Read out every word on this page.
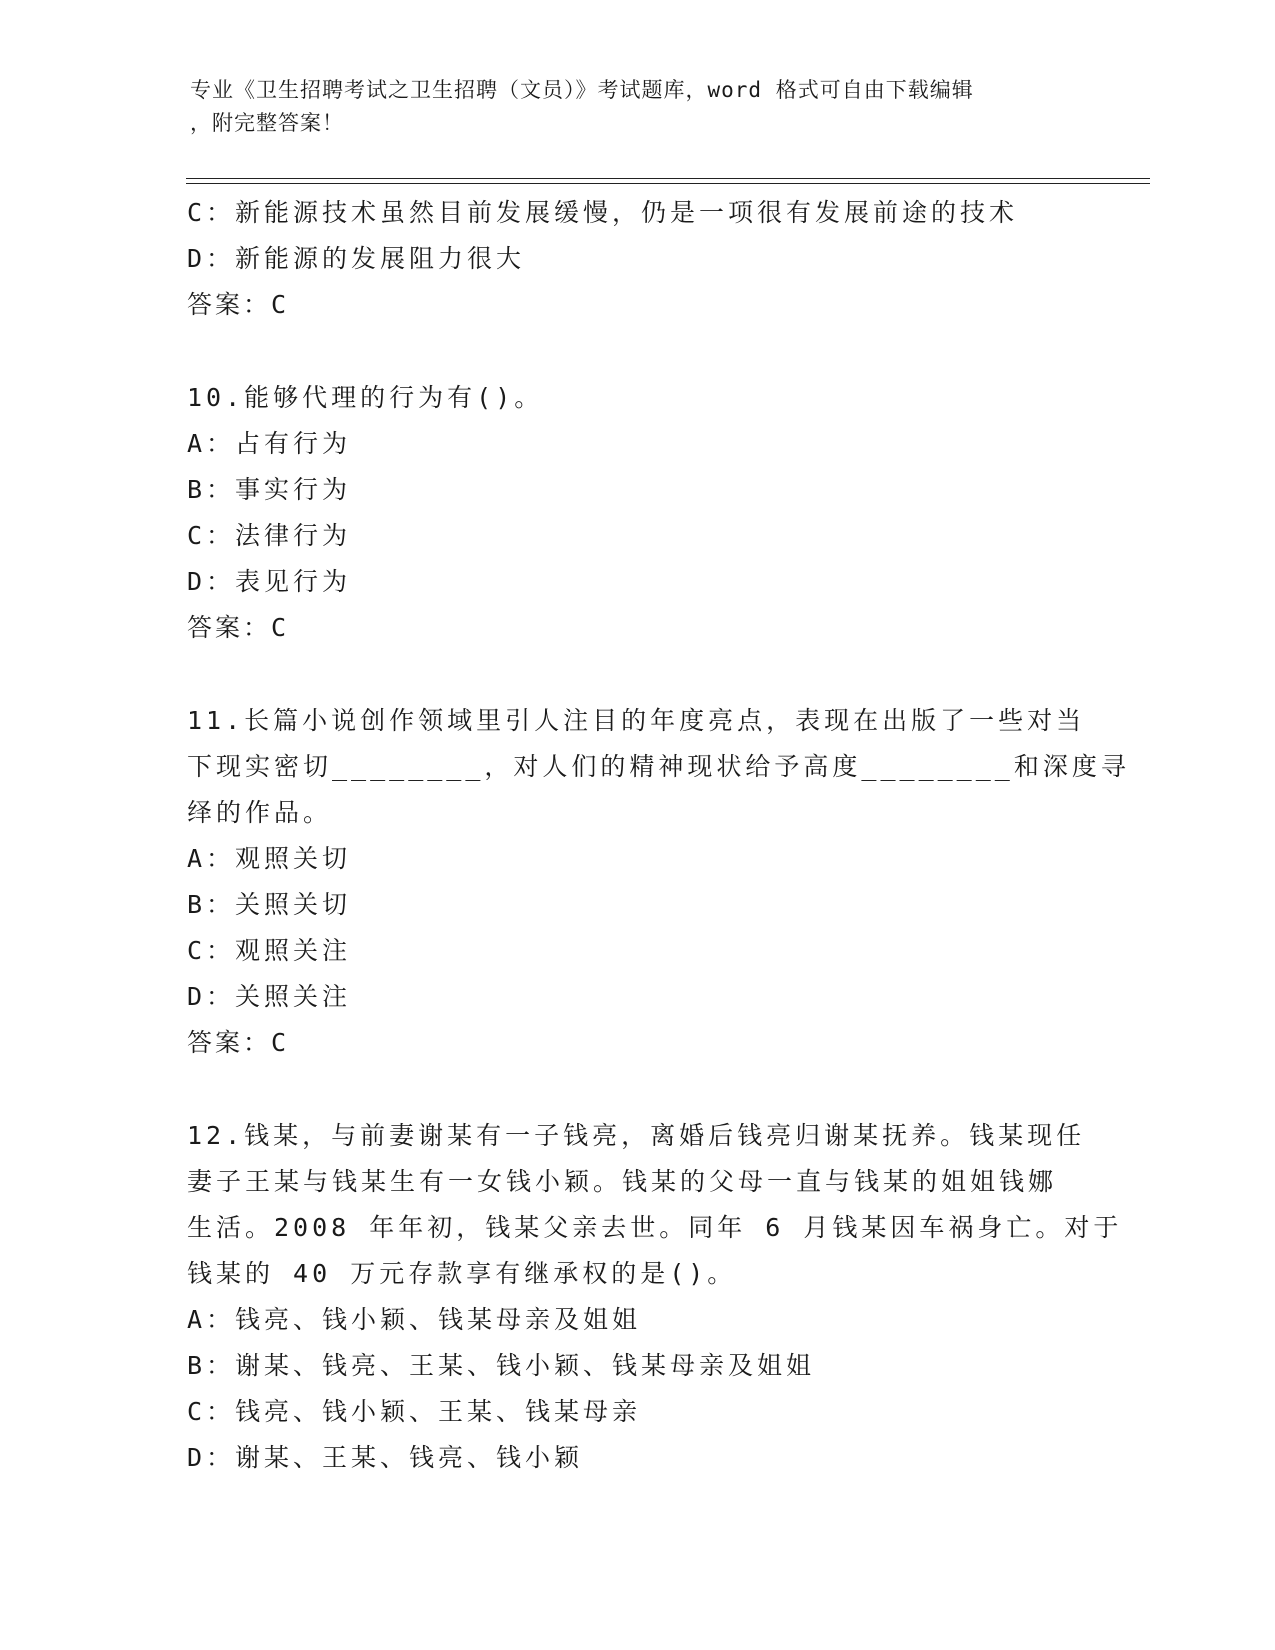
专业《卫生招聘考试之卫生招聘（文员）》考试题库，word 格式可自由下载编辑
，附完整答案！
C：新能源技术虽然目前发展缓慢，仍是一项很有发展前途的技术
D：新能源的发展阻力很大
答案：C
10.能够代理的行为有()。
A：占有行为
B：事实行为
C：法律行为
D：表见行为
答案：C
11.长篇小说创作领域里引人注目的年度亮点，表现在出版了一些对当
下现实密切________，对人们的精神现状给予高度________和深度寻
绎的作品。
A：观照关切
B：关照关切
C：观照关注
D：关照关注
答案：C
12.钱某，与前妻谢某有一子钱亮，离婚后钱亮归谢某抚养。钱某现任
妻子王某与钱某生有一女钱小颖。钱某的父母一直与钱某的姐姐钱娜
生活。2008 年年初，钱某父亲去世。同年 6 月钱某因车祸身亡。对于
钱某的 40 万元存款享有继承权的是()。
A：钱亮、钱小颖、钱某母亲及姐姐
B：谢某、钱亮、王某、钱小颖、钱某母亲及姐姐
C：钱亮、钱小颖、王某、钱某母亲
D：谢某、王某、钱亮、钱小颖
